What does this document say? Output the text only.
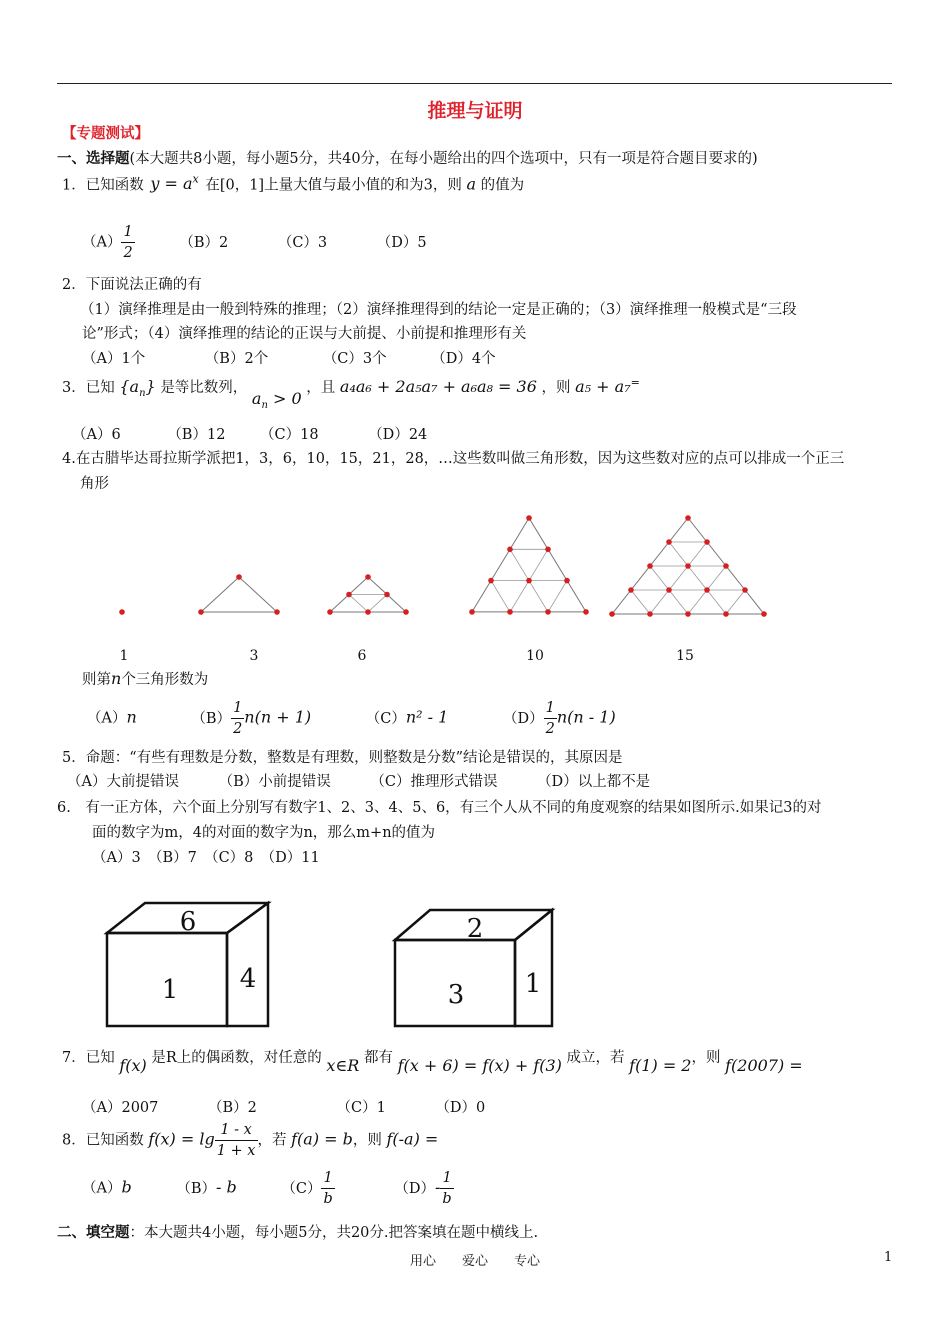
推理与证明
【专题测试】
一、选择题(本大题共8小题，每小题5分，共40分，在每小题给出的四个选项中，只有一项是符合题目要求的)
1．已知函数 $y = a^x$ 在[0，1]上量大值与最小值的和为3，则 a 的值为
$(A) \frac{1}{2}$	（B）2	（C）3	（D）5
2．下面说法正确的有
（1）演绎推理是由一般到特殊的推理；（2）演绎推理得到的结论一定是正确的；（3）演绎推理一般模式是“三段
论”形式；（4）演绎推理的结论的正误与大前提、小前提和推理形有关
（A）1个	（B）2个	（C）3个	（D）4个
3．已知 $\{a_n\}$ 是等比数列， $a_n > 0$ ，且 a₄a₆ + 2a₅a₇ + a₆a₈ = 36 ，则 a₅ + a₇=
（A）6	（B）12 （C）18	（D）24
4.在古腊毕达哥拉斯学派把1，3，6，10，15，21，28，…这些数叫做三角形数，因为这些数对应的点可以排成一个正三
角形
1	3	6	10	15
则第n个三角形数为
（A）n	$(B) \frac{1}{2} n(n + 1)$	（C）n² - 1	$(D) \frac{1}{2} n(n - 1)$
5．命题：“有些有理数是分数，整数是有理数，则整数是分数”结论是错误的，其原因是
（A）大前提错误	（B）小前提错误	（C）推理形式错误	（D）以上都不是
6.　有一正方体，六个面上分别写有数字1、2、3、4、5、6，有三个人从不同的角度观察的结果如图所示.如果记3的对
面的数字为m，4的对面的数字为n，那么m+n的值为
（A）3　（B）7　（C）8　（D）11
6
1 4
2
3 1
7．已知 f(x) 是R上的偶函数，对任意的 x∈R 都有 f(x + 6) = f(x) + f(3) 成立，若 f(1) = 2，则 f(2007) =
（A）2007	（B）2	（C）1	（D）0
8．已知函数 $f(x) = \lg \frac{1 - x}{1 + x}$ ，若 f(a) = b，则 f(-a) =
（A）b	（B）- b	$(C) \frac{1}{b}$	$(D)- \frac{1}{b}$
二、填空题：本大题共4小题，每小题5分，共20分.把答案填在题中横线上.
用心　　爱心　　专心	1
